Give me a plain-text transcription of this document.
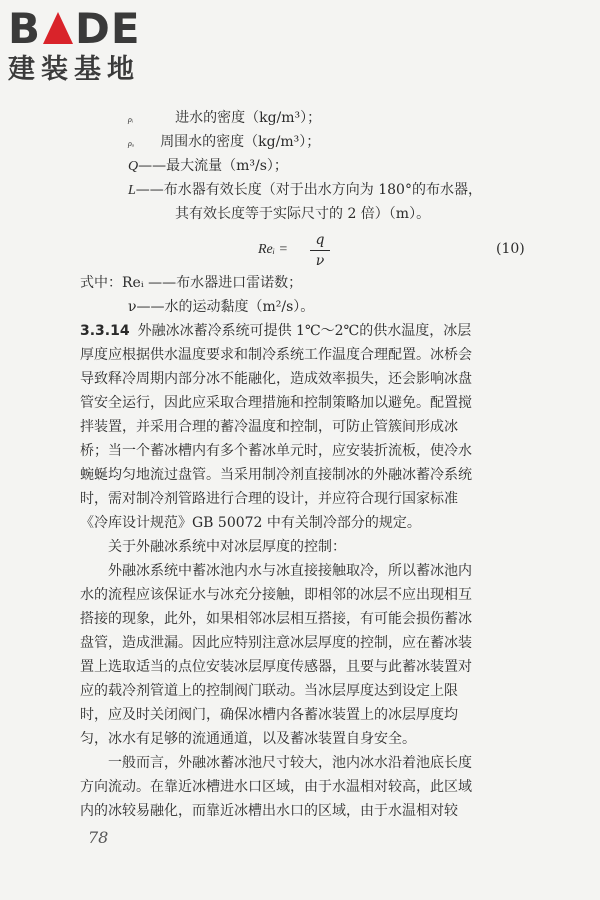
B DE
建装基地
ρᵢ	进水的密度（kg/m³）；
ρₐ 周围水的密度（kg/m³）；
Q——最大流量（m³/s）；
L——布水器有效长度（对于出水方向为 180°的布水器，
其有效长度等于实际尺寸的 2 倍）（m）。
Reᵢ =
q
ν
(10)
式中：Reᵢ ——布水器进口雷诺数；
ν——水的运动黏度（m²/s）。
3.3.14 外融冰冰蓄冷系统可提供 1℃～2℃的供水温度，冰层
厚度应根据供水温度要求和制冷系统工作温度合理配置。冰桥会
导致释冷周期内部分冰不能融化，造成效率损失，还会影响冰盘
管安全运行，因此应采取合理措施和控制策略加以避免。配置搅
拌装置，并采用合理的蓄冷温度和控制，可防止管簇间形成冰
桥；当一个蓄冰槽内有多个蓄冰单元时，应安装折流板，使冷水
蜿蜒均匀地流过盘管。当采用制冷剂直接制冰的外融冰蓄冷系统
时，需对制冷剂管路进行合理的设计，并应符合现行国家标准
《冷库设计规范》GB 50072 中有关制冷部分的规定。
关于外融冰系统中对冰层厚度的控制：
外融冰系统中蓄冰池内水与冰直接接触取冷，所以蓄冰池内
水的流程应该保证水与冰充分接触，即相邻的冰层不应出现相互
搭接的现象，此外，如果相邻冰层相互搭接，有可能会损伤蓄冰
盘管，造成泄漏。因此应特别注意冰层厚度的控制，应在蓄冰装
置上选取适当的点位安装冰层厚度传感器，且要与此蓄冰装置对
应的载冷剂管道上的控制阀门联动。当冰层厚度达到设定上限
时，应及时关闭阀门，确保冰槽内各蓄冰装置上的冰层厚度均
匀，冰水有足够的流通通道，以及蓄冰装置自身安全。
一般而言，外融冰蓄冰池尺寸较大，池内冰水沿着池底长度
方向流动。在靠近冰槽进水口区域，由于水温相对较高，此区域
内的冰较易融化，而靠近冰槽出水口的区域，由于水温相对较
78
